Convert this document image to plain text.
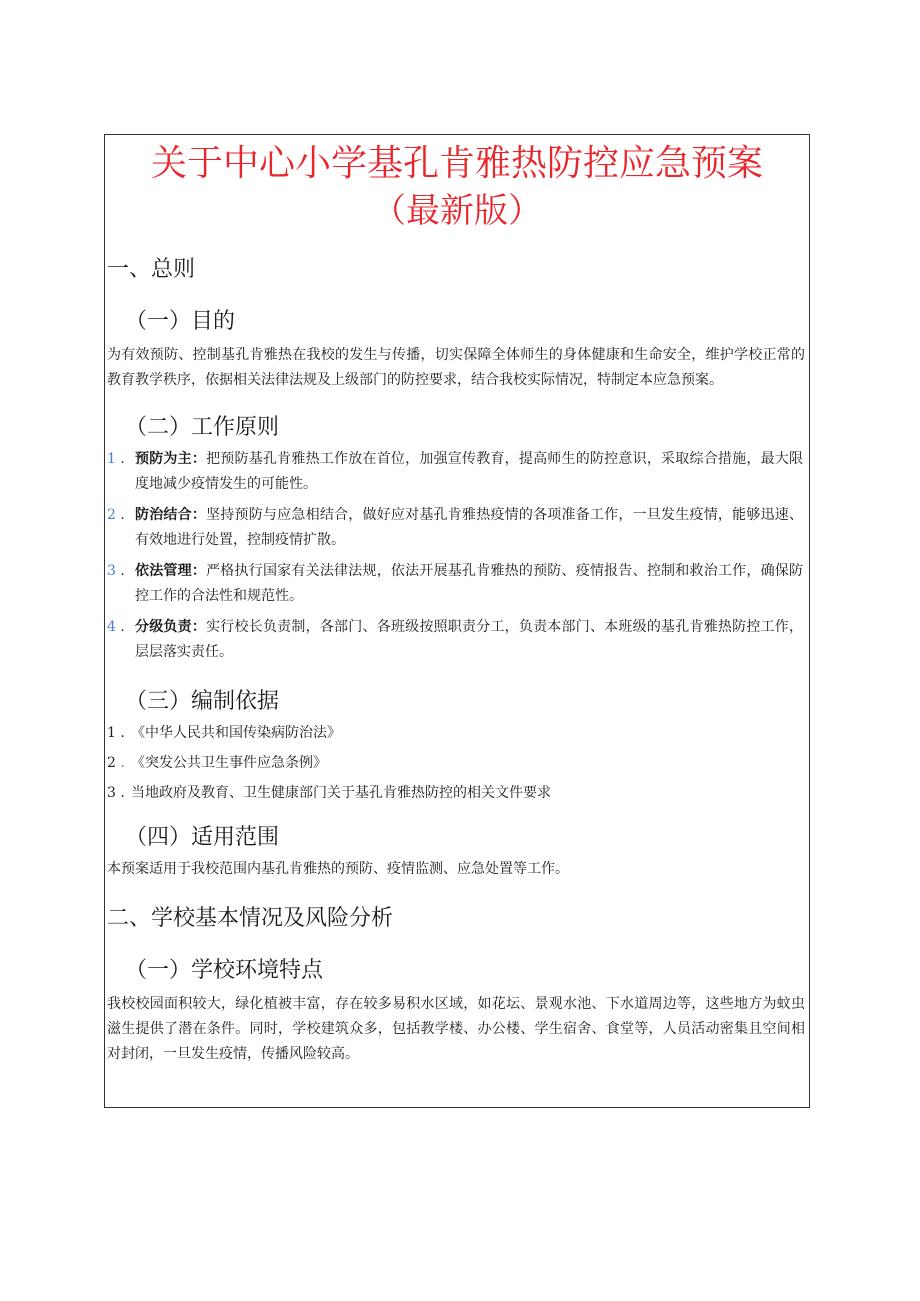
关于中心小学基孔肯雅热防控应急预案
（最新版）
一、总则
（一）目的

为有效预防、控制基孔肯雅热在我校的发生与传播，切实保障全体师生的身体健康和生命安全，维护学校正常的教育教学秩序，依据相关法律法规及上级部门的防控要求，结合我校实际情况，特制定本应急预案。

（二）工作原则
1 . 预防为主：把预防基孔肯雅热工作放在首位，加强宣传教育，提高师生的防控意识，采取综合措施，最大限度地减少疫情发生的可能性。
2 . 防治结合：坚持预防与应急相结合，做好应对基孔肯雅热疫情的各项准备工作，一旦发生疫情，能够迅速、有效地进行处置，控制疫情扩散。
3 . 依法管理：严格执行国家有关法律法规，依法开展基孔肯雅热的预防、疫情报告、控制和救治工作，确保防控工作的合法性和规范性。
4 . 分级负责：实行校长负责制，各部门、各班级按照职责分工，负责本部门、本班级的基孔肯雅热防控工作，层层落实责任。
（三）编制依据
1 . 《中华人民共和国传染病防治法》
2 . 《突发公共卫生事件应急条例》
3 . 当地政府及教育、卫生健康部门关于基孔肯雅热防控的相关文件要求
（四）适用范围

本预案适用于我校范围内基孔肯雅热的预防、疫情监测、应急处置等工作。

二、学校基本情况及风险分析
（一）学校环境特点

我校校园面积较大，绿化植被丰富，存在较多易积水区域，如花坛、景观水池、下水道周边等，这些地方为蚊虫滋生提供了潜在条件。同时，学校建筑众多，包括教学楼、办公楼、学生宿舍、食堂等，人员活动密集且空间相对封闭，一旦发生疫情，传播风险较高。
